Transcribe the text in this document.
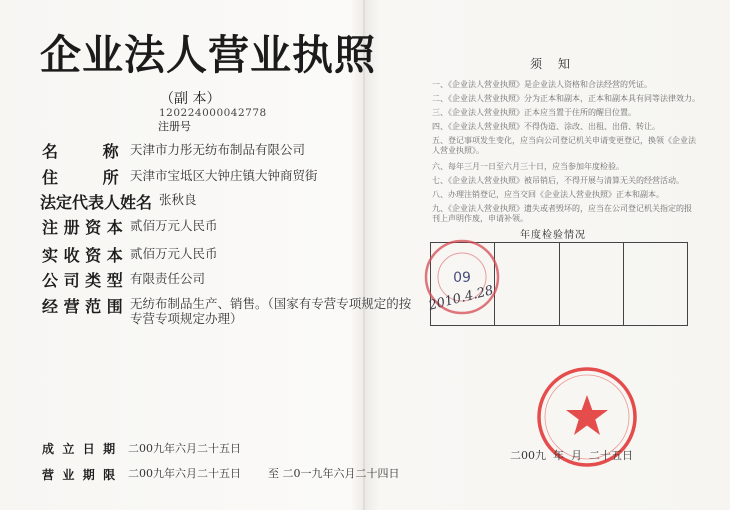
企业法人营业执照
（副 本）
120224000042778
注册号
名        称 天津市力彤无纺布制品有限公司
住        所 天津市宝坻区大钟庄镇大钟商贸街
法定代表人姓名 张秋良
注 册 资 本 贰佰万元人民币
实 收 资 本 贰佰万元人民币
公 司 类 型 有限责任公司
经 营 范 围 无纺布制品生产、销售。（国家有专营专项规定的按
专营专项规定办理）
成  立  日  期 二00九年六月二十五日
营  业  期  限 二00九年六月二十五日 至 二0一九年六月二十四日
须 知
一、《企业法人营业执照》是企业法人资格和合法经营的凭证。
二、《企业法人营业执照》分为正本和副本，正本和副本具有同等法律效力。
三、《企业法人营业执照》正本应当置于住所的醒目位置。
四、《企业法人营业执照》不得伪造、涂改、出租、出借、转让。
五、登记事项发生变化，应当向公司登记机关申请变更登记，换领《企业法
人营业执照》。
六、每年三月一日至六月三十日，应当参加年度检验。
七、《企业法人营业执照》被吊销后，不得开展与清算无关的经营活动。
八、办理注销登记，应当交回《企业法人营业执照》正本和副本。
九、《企业法人营业执照》遗失或者毁坏的，应当在公司登记机关指定的报
刊上声明作废，申请补领。
年度检验情况
09
2010.4.28
二00九  年  月  二十五日
